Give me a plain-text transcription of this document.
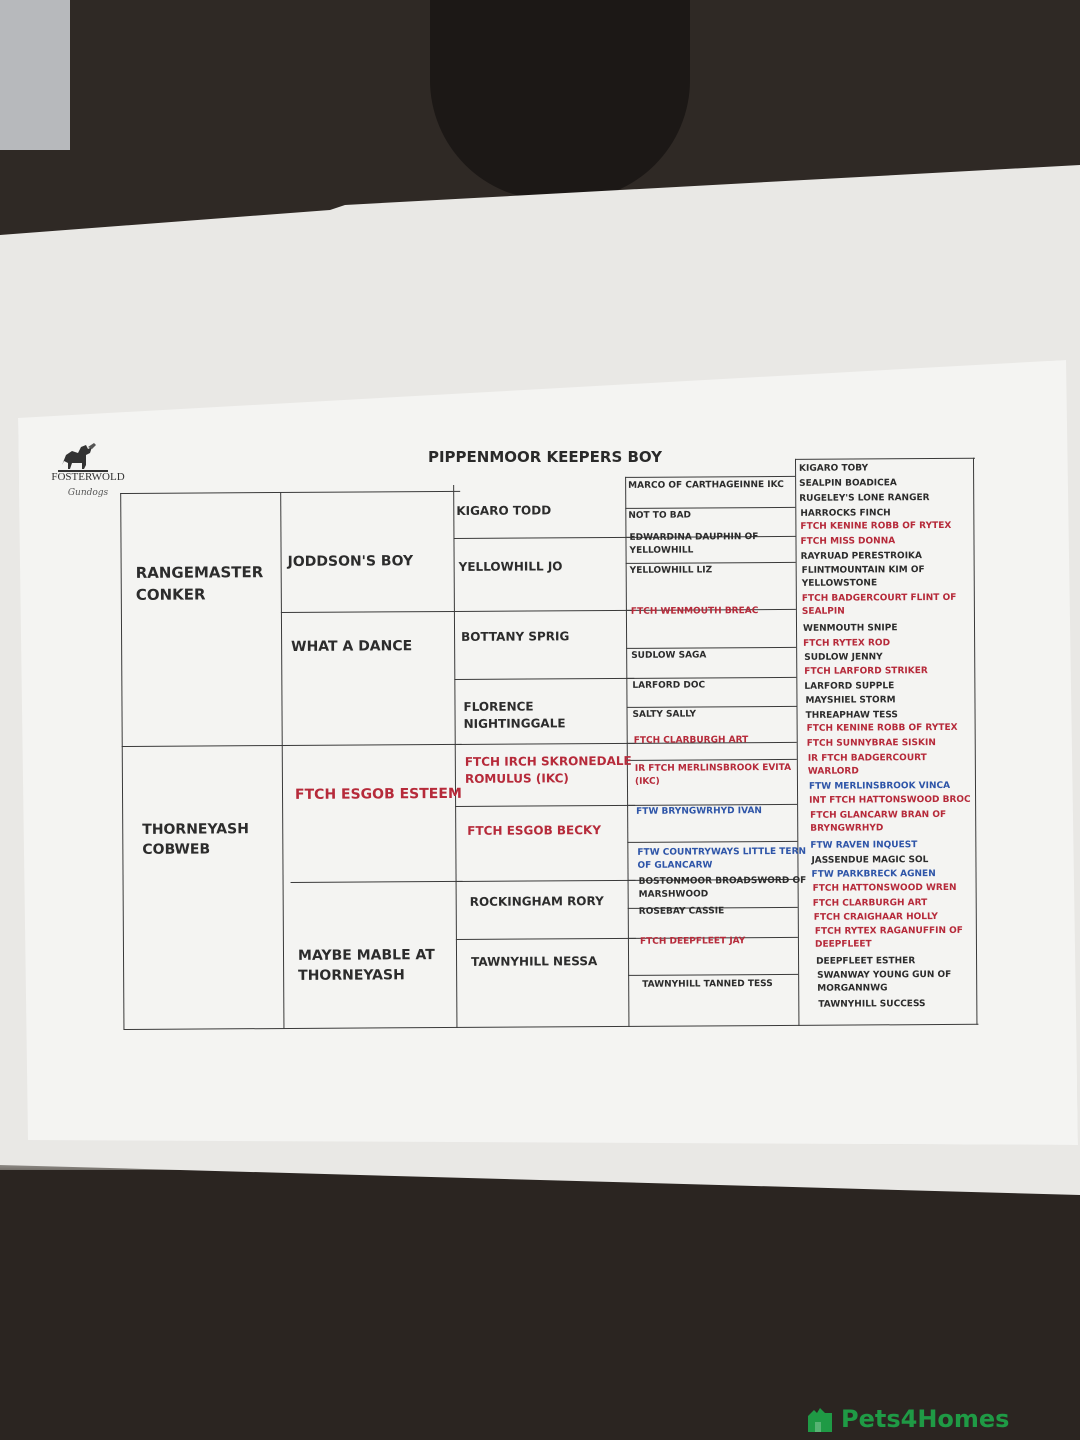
FOSTERWOLD
Gundogs
PIPPENMOOR KEEPERS BOY
RANGEMASTER
CONKER
THORNEYASH
COBWEB
JODDSON'S BOY
WHAT A DANCE
FTCH ESGOB ESTEEM
MAYBE MABLE AT
THORNEYASH
KIGARO TODD
YELLOWHILL JO
BOTTANY SPRIG
FLORENCE
NIGHTINGGALE
FTCH IRCH SKRONEDALE
ROMULUS (IKC)
FTCH ESGOB BECKY
ROCKINGHAM RORY
TAWNYHILL NESSA
MARCO OF CARTHAGEINNE IKC
NOT TO BAD
EDWARDINA DAUPHIN OF
YELLOWHILL
YELLOWHILL LIZ
FTCH WENMOUTH BREAC
SUDLOW SAGA
LARFORD DOC
SALTY SALLY
FTCH CLARBURGH ART
IR FTCH MERLINSBROOK EVITA
(IKC)
FTW BRYNGWRHYD IVAN
FTW COUNTRYWAYS LITTLE TERN
OF GLANCARW
BOSTONMOOR BROADSWORD OF
MARSHWOOD
ROSEBAY CASSIE
FTCH DEEPFLEET JAY
TAWNYHILL TANNED TESS
KIGARO TOBY
SEALPIN BOADICEA
RUGELEY'S LONE RANGER
HARROCKS FINCH
FTCH KENINE ROBB OF RYTEX
FTCH MISS DONNA
RAYRUAD PERESTROIKA
FLINTMOUNTAIN KIM OF
YELLOWSTONE
FTCH BADGERCOURT FLINT OF
SEALPIN
WENMOUTH SNIPE
FTCH RYTEX ROD
SUDLOW JENNY
FTCH LARFORD STRIKER
LARFORD SUPPLE
MAYSHIEL STORM
THREAPHAW TESS
FTCH KENINE ROBB OF RYTEX
FTCH SUNNYBRAE SISKIN
IR FTCH BADGERCOURT
WARLORD
FTW MERLINSBROOK VINCA
INT FTCH HATTONSWOOD BROC
FTCH GLANCARW BRAN OF
BRYNGWRHYD
FTW RAVEN INQUEST
JASSENDUE MAGIC SOL
FTW PARKBRECK AGNEN
FTCH HATTONSWOOD WREN
FTCH CLARBURGH ART
FTCH CRAIGHAAR HOLLY
FTCH RYTEX RAGANUFFIN OF
DEEPFLEET
DEEPFLEET ESTHER
SWANWAY YOUNG GUN OF
MORGANNWG
TAWNYHILL SUCCESS
Pets4Homes
